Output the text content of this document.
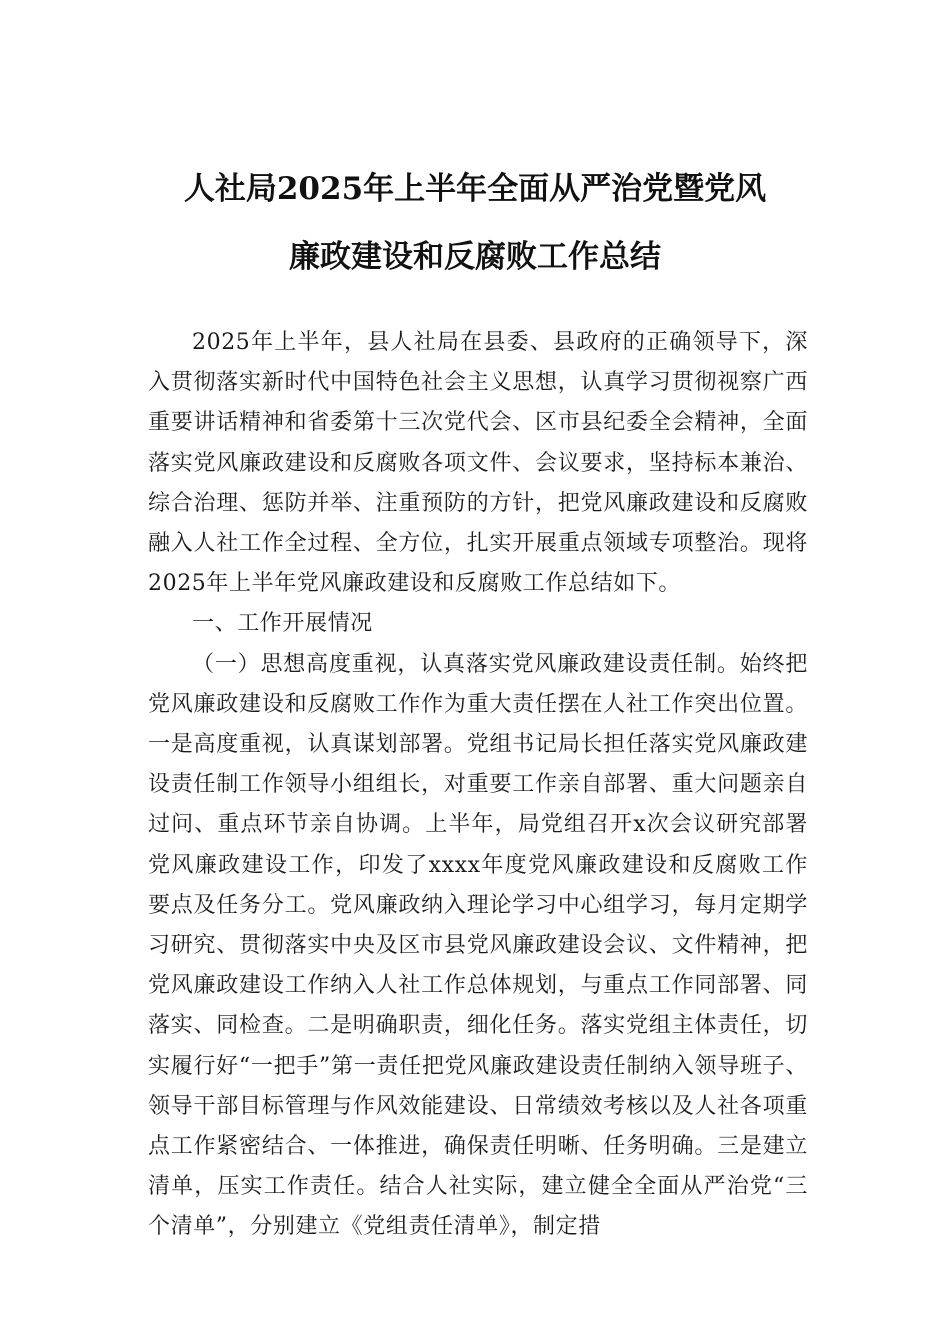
人社局2025年上半年全面从严治党暨党风
廉政建设和反腐败工作总结

2025年上半年，县人社局在县委、县政府的正确领导下，深入贯彻落实新时代中国特色社会主义思想，认真学习贯彻视察广西重要讲话精神和省委第十三次党代会、区市县纪委全会精神，全面落实党风廉政建设和反腐败各项文件、会议要求，坚持标本兼治、综合治理、惩防并举、注重预防的方针，把党风廉政建设和反腐败融入人社工作全过程、全方位，扎实开展重点领域专项整治。现将2025年上半年党风廉政建设和反腐败工作总结如下。

一、工作开展情况

（一）思想高度重视，认真落实党风廉政建设责任制。始终把党风廉政建设和反腐败工作作为重大责任摆在人社工作突出位置。一是高度重视，认真谋划部署。党组书记局长担任落实党风廉政建设责任制工作领导小组组长，对重要工作亲自部署、重大问题亲自过问、重点环节亲自协调。上半年，局党组召开x次会议研究部署党风廉政建设工作，印发了xxxx年度党风廉政建设和反腐败工作要点及任务分工。党风廉政纳入理论学习中心组学习，每月定期学习研究、贯彻落实中央及区市县党风廉政建设会议、文件精神，把党风廉政建设工作纳入人社工作总体规划，与重点工作同部署、同落实、同检查。二是明确职责，细化任务。落实党组主体责任，切实履行好“一把手”第一责任把党风廉政建设责任制纳入领导班子、领导干部目标管理与作风效能建设、日常绩效考核以及人社各项重点工作紧密结合、一体推进，确保责任明晰、任务明确。三是建立清单，压实工作责任。结合人社实际，建立健全全面从严治党“三个清单”，分别建立《党组责任清单》，制定措
